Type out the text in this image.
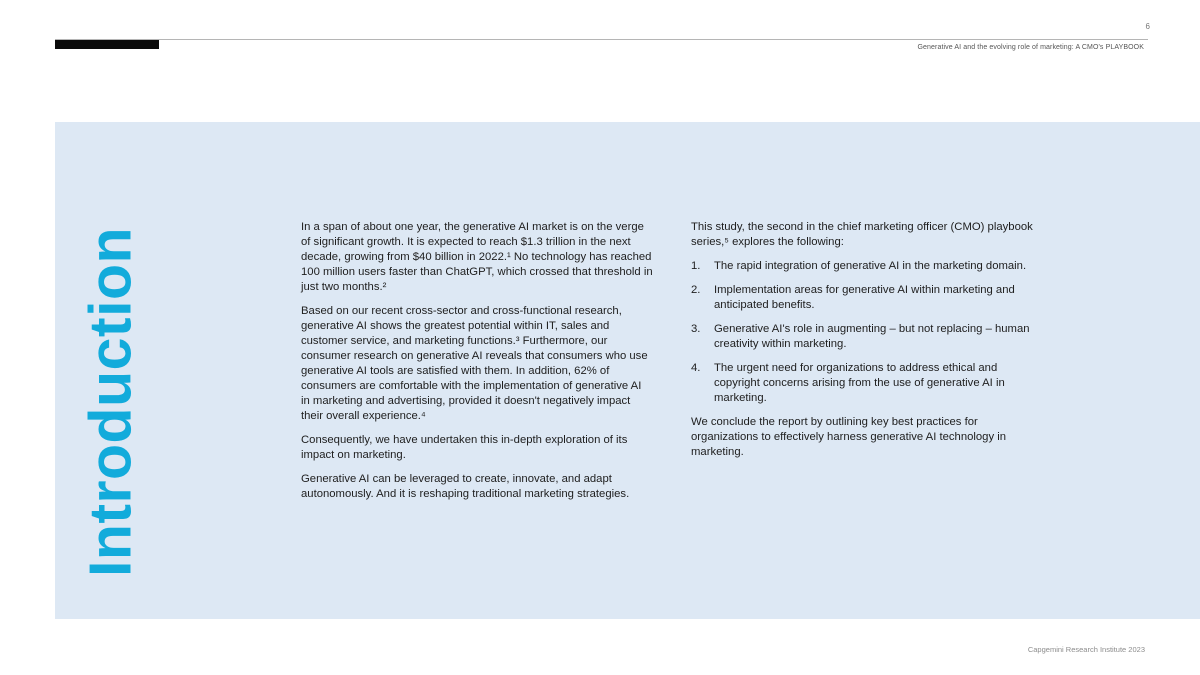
6
Generative AI and the evolving role of marketing: A CMO's PLAYBOOK
Introduction	In a span of about one year, the generative AI market is on the verge of significant growth. It is expected to reach $1.3 trillion in the next decade, growing from $40 billion in 2022.¹ No technology has reached 100 million users faster than ChatGPT, which crossed that threshold in just two months.²

Based on our recent cross-sector and cross-functional research, generative AI shows the greatest potential within IT, sales and customer service, and marketing functions.³ Furthermore, our consumer research on generative AI reveals that consumers who use generative AI tools are satisfied with them. In addition, 62% of consumers are comfortable with the implementation of generative AI in marketing and advertising, provided it doesn't negatively impact their overall experience.⁴

Consequently, we have undertaken this in-depth exploration of its impact on marketing.

Generative AI can be leveraged to create, innovate, and adapt autonomously. And it is reshaping traditional marketing strategies.

This study, the second in the chief marketing officer (CMO) playbook series,⁵ explores the following:

1.	The rapid integration of generative AI in the marketing domain.
2.	Implementation areas for generative AI within marketing and anticipated benefits.
3.	Generative AI's role in augmenting – but not replacing – human creativity within marketing.
4.	The urgent need for organizations to address ethical and copyright concerns arising from the use of generative AI in marketing.

We conclude the report by outlining key best practices for organizations to effectively harness generative AI technology in marketing.

Capgemini Research Institute 2023
